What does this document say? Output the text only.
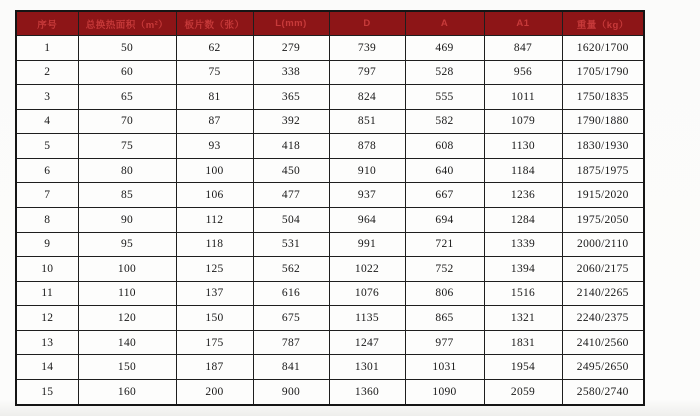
序号	总换热面积（m²）	板片数（张）	L(mm)	D	A	A1	重量（kg）
1	50	62	279	739	469	847	1620/1700
2	60	75	338	797	528	956	1705/1790
3	65	81	365	824	555	1011	1750/1835
4	70	87	392	851	582	1079	1790/1880
5	75	93	418	878	608	1130	1830/1930
6	80	100	450	910	640	1184	1875/1975
7	85	106	477	937	667	1236	1915/2020
8	90	112	504	964	694	1284	1975/2050
9	95	118	531	991	721	1339	2000/2110
10	100	125	562	1022	752	1394	2060/2175
11	110	137	616	1076	806	1516	2140/2265
12	120	150	675	1135	865	1321	2240/2375
13	140	175	787	1247	977	1831	2410/2560
14	150	187	841	1301	1031	1954	2495/2650
15	160	200	900	1360	1090	2059	2580/2740
